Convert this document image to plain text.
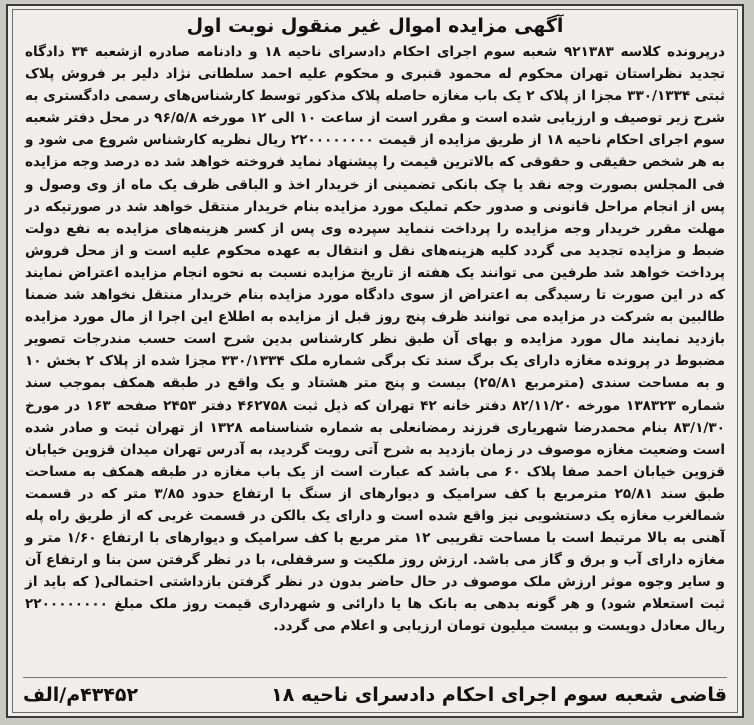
آگهی مزایده اموال غیر منقول نوبت اول

درپرونده کلاسه ۹۲۱۳۸۳ شعبه سوم اجرای احکام دادسرای ناحیه ۱۸ و دادنامه صادره ازشعبه ۳۴ دادگاه تجدید نظراستان تهران محکوم له محمود قنبری و محکوم علیه احمد سلطانی نژاد دلیر بر فروش پلاک ثبتی ۳۳۰/۱۳۳۴ مجزا از پلاک ۲ یک باب مغازه حاصله پلاک مذکور توسط کارشناس‌های رسمی دادگستری به شرح زیر توصیف و ارزیابی شده است و مقرر است از ساعت ۱۰ الی ۱۲ مورخه ۹۶/۵/۸ در محل دفتر شعبه سوم اجرای احکام ناحیه ۱۸ از طریق مزایده از قیمت ۲۲۰۰۰۰۰۰۰۰ ریال نظریه کارشناس شروع می شود و به هر شخص حقیقی و حقوقی که بالاترین قیمت را پیشنهاد نماید فروخته خواهد شد ده درصد وجه مزایده فی المجلس بصورت وجه نقد یا چک بانکی تضمینی از خریدار اخذ و الباقی ظرف یک ماه از وی وصول و پس از انجام مراحل قانونی و صدور حکم تملیک مورد مزایده بنام خریدار منتقل خواهد شد در صورتیکه در مهلت مقرر خریدار وجه مزایده را پرداخت ننماید سپرده وی پس از کسر هزینه‌های مزایده به نفع دولت ضبط و مزایده تجدید می گردد کلیه هزینه‌های نقل و انتقال به عهده محکوم علیه است و از محل فروش پرداخت خواهد شد طرفین می توانند یک هفته از تاریخ مزایده نسبت به نحوه انجام مزایده اعتراض نمایند که در این صورت تا رسیدگی به اعتراض از سوی دادگاه مورد مزایده بنام خریدار منتقل نخواهد شد ضمنا طالبین به شرکت در مزایده می توانند ظرف پنج روز قبل از مزایده به اطلاع این اجرا از مال مورد مزایده بازدید نمایند مال مورد مزایده و بهای آن طبق نظر کارشناس بدین شرح است حسب مندرجات تصویر مضبوط در پرونده مغازه دارای یک برگ سند تک برگی شماره ملک ۳۳۰/۱۳۳۴ مجزا شده از پلاک ۲ بخش ۱۰ و به مساحت سندی (مترمربع ۲۵/۸۱) بیست و پنج متر هشتاد و یک واقع در طبقه همکف بموجب سند شماره ۱۳۸۳۲۳ مورخه ۸۲/۱۱/۲۰ دفتر خانه ۴۲ تهران که ذیل ثبت ۴۶۲۷۵۸ دفتر ۲۴۵۳ صفحه ۱۶۳ در مورخ ۸۳/۱/۳۰ بنام محمدرضا شهریاری فرزند رمضانعلی به شماره شناسنامه ۱۳۲۸ از تهران ثبت و صادر شده است وضعیت مغازه موصوف در زمان بازدید به شرح آتی رویت گردید، به آدرس تهران میدان قزوین خیابان قزوین خیابان احمد صفا پلاک ۶۰ می باشد که عبارت است از یک باب مغازه در طبقه همکف به مساحت طبق سند ۲۵/۸۱ مترمربع با کف سرامیک و دیوارهای از سنگ با ارتفاع حدود ۳/۸۵ متر که در قسمت شمالغرب مغازه یک دستشویی نیز واقع شده است و دارای یک بالکن در قسمت غربی که از طریق راه پله آهنی به بالا مرتبط است با مساحت تقریبی ۱۲ متر مربع با کف سرامیک و دیوارهای با ارتفاع ۱/۶۰ متر و مغازه دارای آب و برق و گاز می باشد. ارزش روز ملکیت و سرقفلی، با در نظر گرفتن سن بنا و ارتفاع آن و سایر وجوه موثر ارزش ملک موصوف در حال حاضر بدون در نظر گرفتن بازداشتی احتمالی( که باید از ثبت استعلام شود) و هر گونه بدهی به بانک ها یا دارائی و شهرداری قیمت روز ملک مبلغ ۲۲۰۰۰۰۰۰۰۰ ریال معادل دویست و بیست میلیون تومان ارزیابی و اعلام می گردد.

قاضی شعبه سوم اجرای احکام دادسرای ناحیه ۱۸
۴۳۴۵۲م/الف
